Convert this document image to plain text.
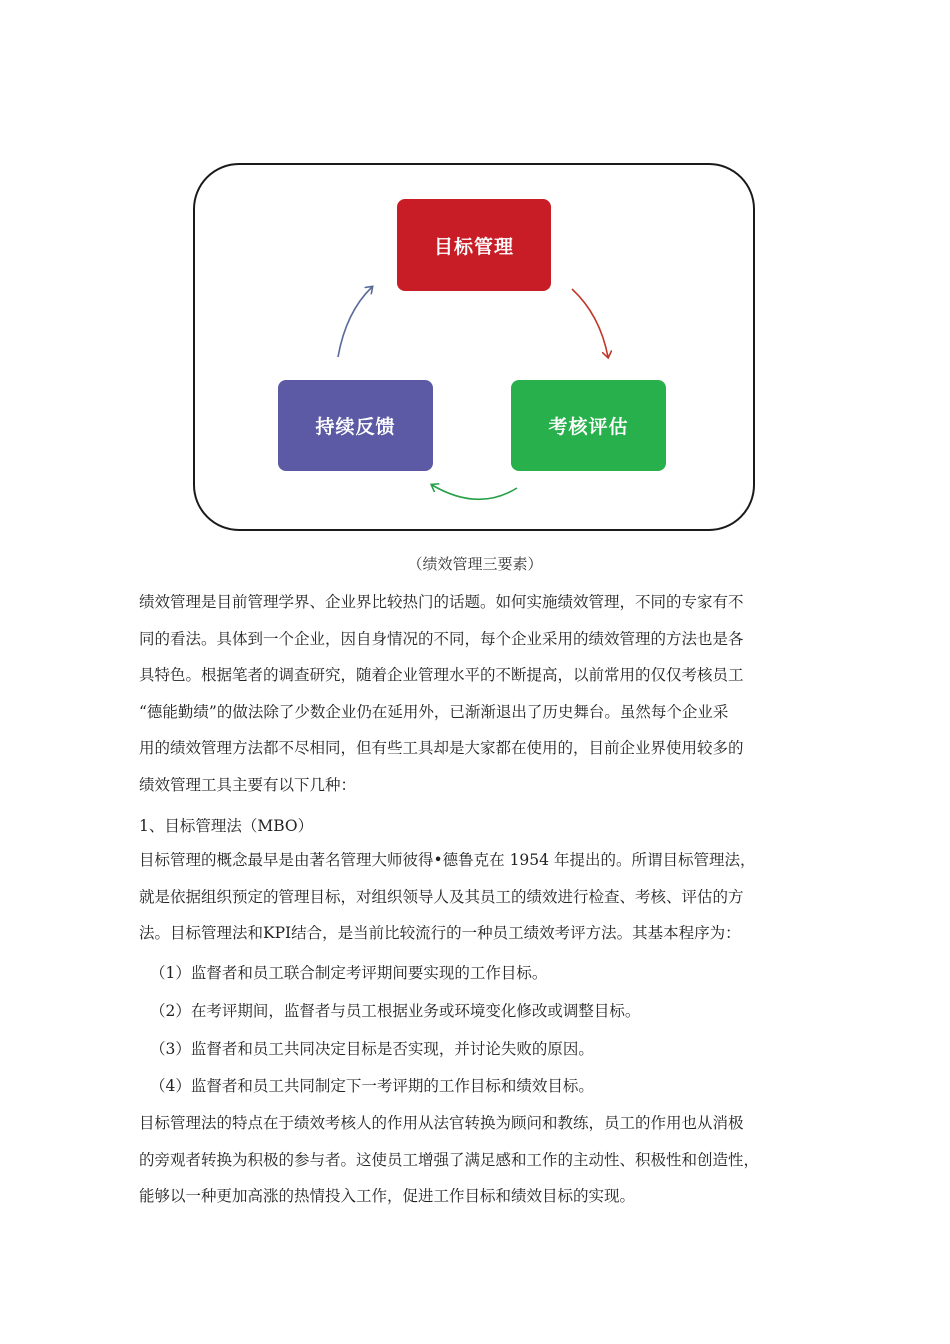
目标管理
持续反馈	考核评估
（绩效管理三要素）

绩效管理是目前管理学界、企业界比较热门的话题。如何实施绩效管理，不同的专家有不

同的看法。具体到一个企业，因自身情况的不同，每个企业采用的绩效管理的方法也是各

具特色。根据笔者的调查研究，随着企业管理水平的不断提高，以前常用的仅仅考核员工

“德能勤绩”的做法除了少数企业仍在延用外，已渐渐退出了历史舞台。虽然每个企业采

用的绩效管理方法都不尽相同，但有些工具却是大家都在使用的，目前企业界使用较多的

绩效管理工具主要有以下几种：

1、目标管理法（MBO）

目标管理的概念最早是由著名管理大师彼得•德鲁克在 1954 年提出的。所谓目标管理法，

就是依据组织预定的管理目标，对组织领导人及其员工的绩效进行检查、考核、评估的方

法。目标管理法和KPI结合，是当前比较流行的一种员工绩效考评方法。其基本程序为：

（1）监督者和员工联合制定考评期间要实现的工作目标。
（2）在考评期间，监督者与员工根据业务或环境变化修改或调整目标。
（3）监督者和员工共同决定目标是否实现，并讨论失败的原因。
（4）监督者和员工共同制定下一考评期的工作目标和绩效目标。

目标管理法的特点在于绩效考核人的作用从法官转换为顾问和教练，员工的作用也从消极

的旁观者转换为积极的参与者。这使员工增强了满足感和工作的主动性、积极性和创造性，

能够以一种更加高涨的热情投入工作，促进工作目标和绩效目标的实现。
